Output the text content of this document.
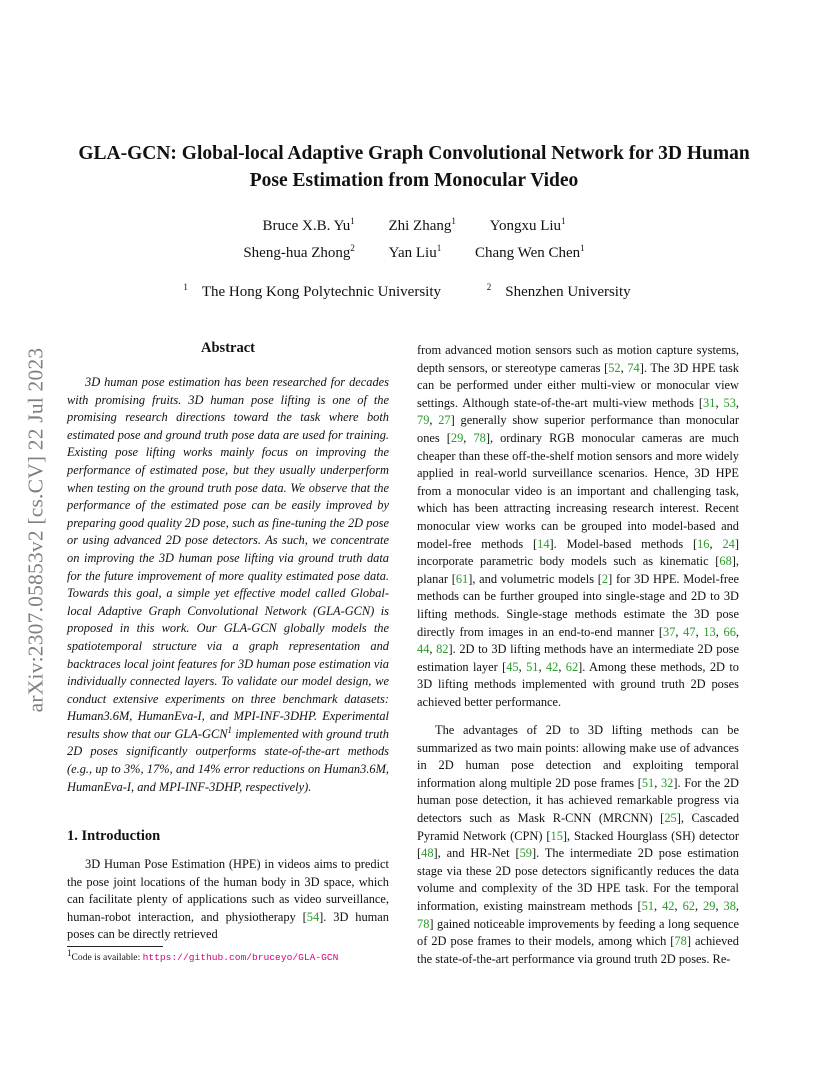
arXiv:2307.05853v2 [cs.CV] 22 Jul 2023
GLA-GCN: Global-local Adaptive Graph Convolutional Network for 3D Human
Pose Estimation from Monocular Video
Bruce X.B. Yu$^1$ Zhi Zhang$^1$ Yongxu Liu$^1$
Sheng-hua Zhong$^2$ Yan Liu$^1$ Chang Wen Chen$^1$
$^1$ The Hong Kong Polytechnic University	$^2$ Shenzhen University
Abstract

3D human pose estimation has been researched for decades with promising fruits. 3D human pose lifting is one of the promising research directions toward the task where both estimated pose and ground truth pose data are used for training. Existing pose lifting works mainly focus on improving the performance of estimated pose, but they usually underperform when testing on the ground truth pose data. We observe that the performance of the estimated pose can be easily improved by preparing good quality 2D pose, such as fine-tuning the 2D pose or using advanced 2D pose detectors. As such, we concentrate on improving the 3D human pose lifting via ground truth data for the future improvement of more quality estimated pose data. Towards this goal, a simple yet effective model called Global-local Adaptive Graph Convolutional Network (GLA-GCN) is proposed in this work. Our GLA-GCN globally models the spatiotemporal structure via a graph representation and backtraces local joint features for 3D human pose estimation via individually connected layers. To validate our model design, we conduct extensive experiments on three benchmark datasets: Human3.6M, HumanEva-I, and MPI-INF-3DHP. Experimental results show that our GLA-GCN$^1$ implemented with ground truth 2D poses significantly outperforms state-of-the-art methods (e.g., up to 3%, 17%, and 14% error reductions on Human3.6M, HumanEva-I, and MPI-INF-3DHP, respectively).

1. Introduction

3D Human Pose Estimation (HPE) in videos aims to predict the pose joint locations of the human body in 3D space, which can facilitate plenty of applications such as video surveillance, human-robot interaction, and physiotherapy [54]. 3D human poses can be directly retrieved

$^1$Code is available: https://github.com/bruceyo/GLA-GCN

from advanced motion sensors such as motion capture systems, depth sensors, or stereotype cameras [52, 74]. The 3D HPE task can be performed under either multi-view or monocular view settings. Although state-of-the-art multi-view methods [31, 53, 79, 27] generally show superior performance than monocular ones [29, 78], ordinary RGB monocular cameras are much cheaper than these off-the-shelf motion sensors and more widely applied in real-world surveillance scenarios. Hence, 3D HPE from a monocular video is an important and challenging task, which has been attracting increasing research interest. Recent monocular view works can be grouped into model-based and model-free methods [14]. Model-based methods [16, 24] incorporate parametric body models such as kinematic [68], planar [61], and volumetric models [2] for 3D HPE. Model-free methods can be further grouped into single-stage and 2D to 3D lifting methods. Single-stage methods estimate the 3D pose directly from images in an end-to-end manner [37, 47, 13, 66, 44, 82]. 2D to 3D lifting methods have an intermediate 2D pose estimation layer [45, 51, 42, 62]. Among these methods, 2D to 3D lifting methods implemented with ground truth 2D poses achieved better performance.

The advantages of 2D to 3D lifting methods can be summarized as two main points: allowing make use of advances in 2D human pose detection and exploiting temporal information along multiple 2D pose frames [51, 32]. For the 2D human pose detection, it has achieved remarkable progress via detectors such as Mask R-CNN (MRCNN) [25], Cascaded Pyramid Network (CPN) [15], Stacked Hourglass (SH) detector [48], and HR-Net [59]. The intermediate 2D pose estimation stage via these 2D pose detectors significantly reduces the data volume and complexity of the 3D HPE task. For the temporal information, existing mainstream methods [51, 42, 62, 29, 38, 78] gained noticeable improvements by feeding a long sequence of 2D pose frames to their models, among which [78] achieved the state-of-the-art performance via ground truth 2D poses. Re-
